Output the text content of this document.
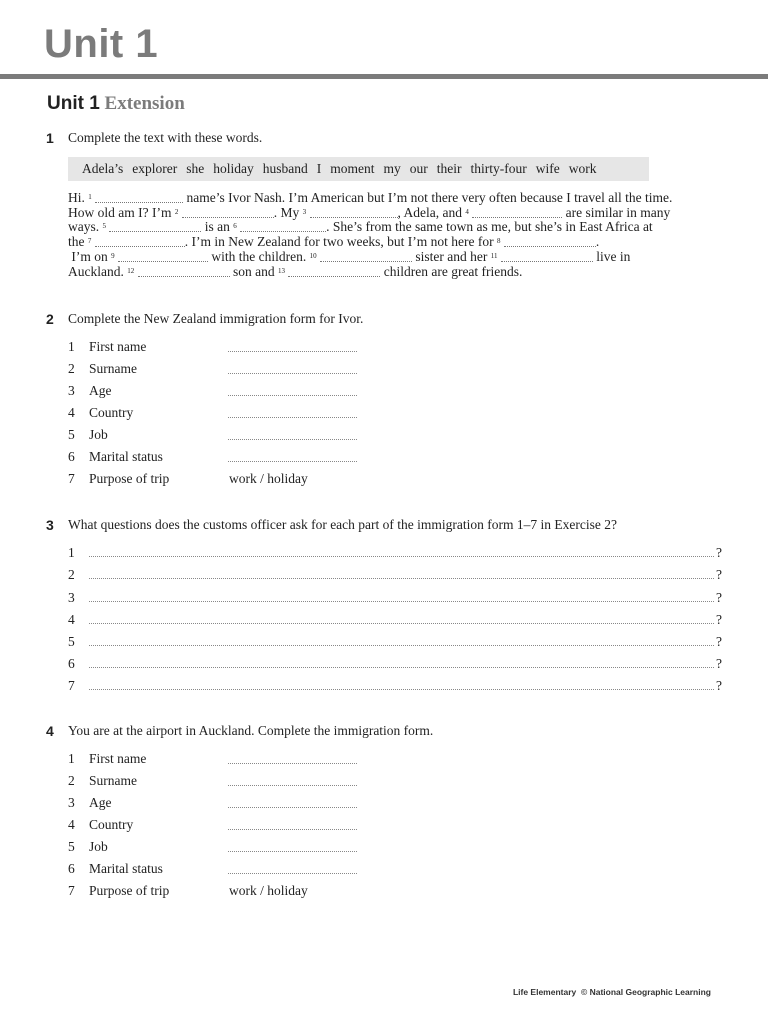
Unit 1
Unit 1 Extension
1 Complete the text with these words.
Adela’s explorer she holiday husband I moment my our their thirty-four wife work
Hi.
1

	name’s Ivor Nash. I’m American but I’m not there very often because I travel all the time.
How old am I? I’m
2
	. My
3
	, Adela, and
4

	are similar in many
ways.
5

	is an
6
	. She’s from the same town as me, but she’s in East Africa at
the
7
	. I’m in New Zealand for two weeks, but I’m not here for
8
	.

I’m on
9

	with the children.
10

	sister and her
11

	live in
Auckland.
12

	son and
13

	children are great friends.
2 Complete the New Zealand immigration form for Ivor.
1	First name
2	Surname
3	Age
4	Country
5	Job
6	Marital status
7	Purpose of trip	work / holiday
3 What questions does the customs officer ask for each part of the immigration form 1–7 in Exercise 2?
1	?
2	?
3	?
4	?
5	?
6	?
7	?
4 You are at the airport in Auckland. Complete the immigration form.
1	First name
2	Surname
3	Age
4	Country
5	Job
6	Marital status
7	Purpose of trip	work / holiday
Life Elementary © National Geographic Learning
